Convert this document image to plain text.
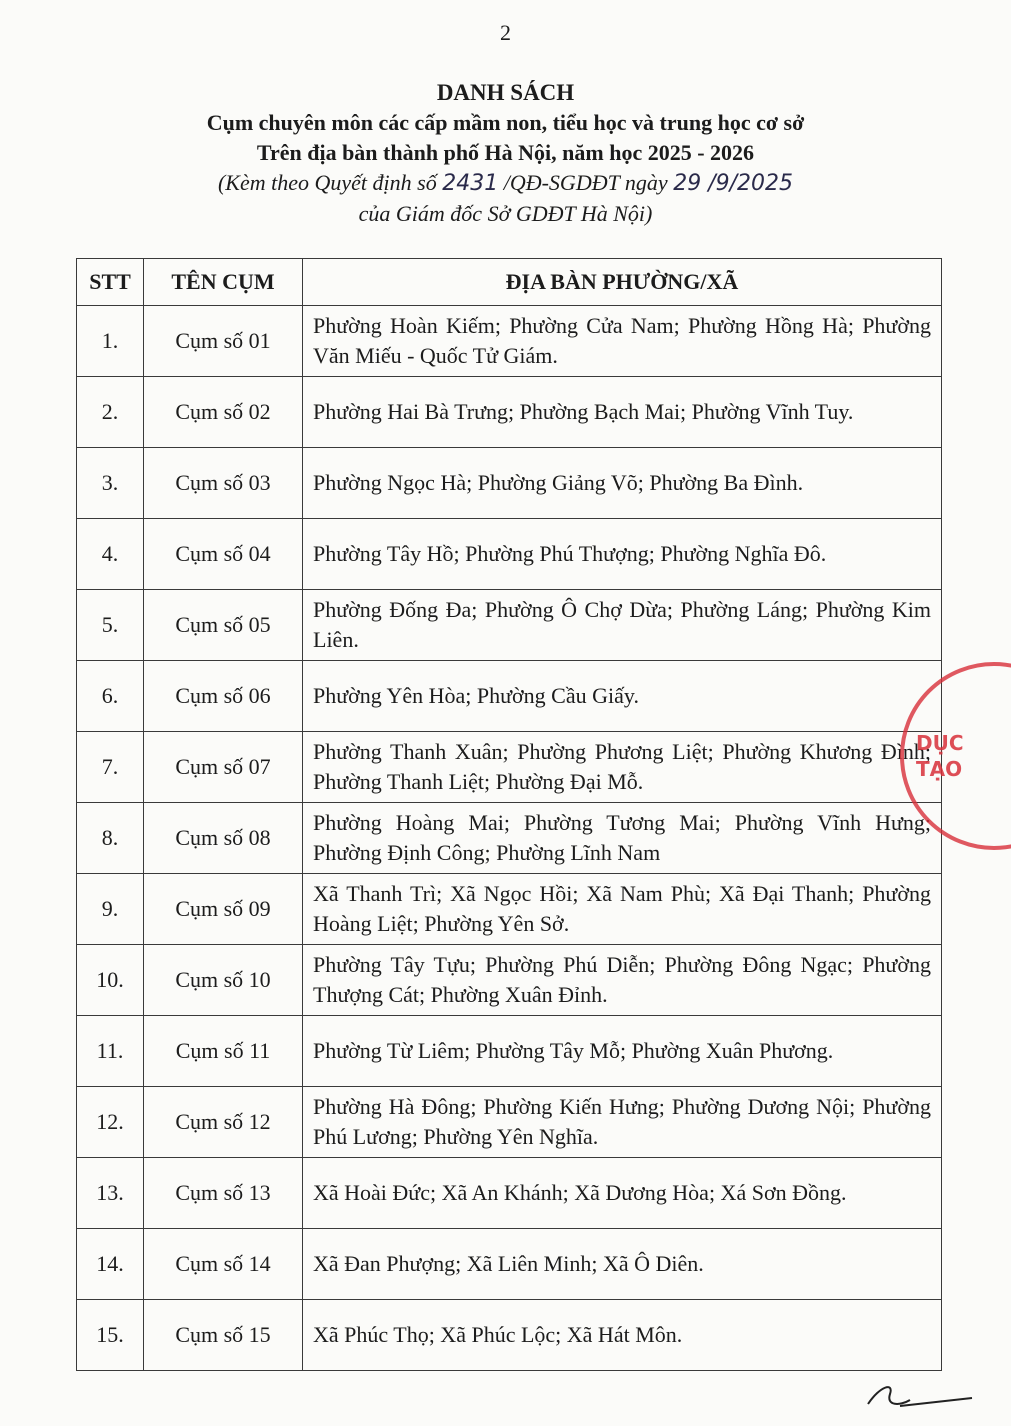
2
DANH SÁCH
Cụm chuyên môn các cấp mầm non, tiểu học và trung học cơ sở
Trên địa bàn thành phố Hà Nội, năm học 2025 - 2026
(Kèm theo Quyết định số 2431 /QĐ-SGDĐT ngày 29 /9/2025
của Giám đốc Sở GDĐT Hà Nội)
STT	TÊN CỤM	ĐỊA BÀN PHƯỜNG/XÃ
1.	Cụm số 01	Phường Hoàn Kiếm; Phường Cửa Nam; Phường Hồng Hà; Phường Văn Miếu - Quốc Tử Giám.
2.	Cụm số 02	Phường Hai Bà Trưng; Phường Bạch Mai; Phường Vĩnh Tuy.
3.	Cụm số 03	Phường Ngọc Hà; Phường Giảng Võ; Phường Ba Đình.
4.	Cụm số 04	Phường Tây Hồ; Phường Phú Thượng; Phường Nghĩa Đô.
5.	Cụm số 05	Phường Đống Đa; Phường Ô Chợ Dừa; Phường Láng; Phường Kim Liên.
6.	Cụm số 06	Phường Yên Hòa; Phường Cầu Giấy.
7.	Cụm số 07	Phường Thanh Xuân; Phường Phương Liệt; Phường Khương Đình; Phường Thanh Liệt; Phường Đại Mỗ.
8.	Cụm số 08	Phường Hoàng Mai; Phường Tương Mai; Phường Vĩnh Hưng; Phường Định Công; Phường Lĩnh Nam
9.	Cụm số 09	Xã Thanh Trì; Xã Ngọc Hồi; Xã Nam Phù; Xã Đại Thanh; Phường Hoàng Liệt; Phường Yên Sở.
10.	Cụm số 10	Phường Tây Tựu; Phường Phú Diễn; Phường Đông Ngạc; Phường Thượng Cát; Phường Xuân Đỉnh.
11.	Cụm số 11	Phường Từ Liêm; Phường Tây Mỗ; Phường Xuân Phương.
12.	Cụm số 12	Phường Hà Đông; Phường Kiến Hưng; Phường Dương Nội; Phường Phú Lương; Phường Yên Nghĩa.
13.	Cụm số 13	Xã Hoài Đức; Xã An Khánh; Xã Dương Hòa; Xá Sơn Đồng.
14.	Cụm số 14	Xã Đan Phượng; Xã Liên Minh; Xã Ô Diên.
15.	Cụm số 15	Xã Phúc Thọ; Xã Phúc Lộc; Xã Hát Môn.
DỤC
TẠO
